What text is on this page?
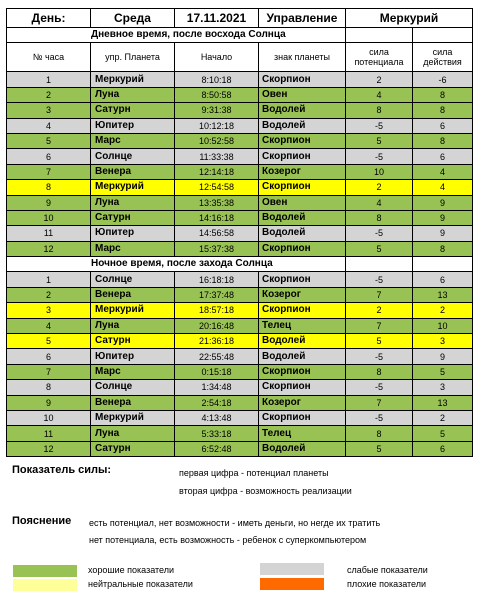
День:	Среда	17.11.2021	Управление	Меркурий	
Дневное время, после восхода Солнца					
№ часа	упр. Планета	Начало	знак планеты	сила потенциала	сила действия
1	Меркурий	8:10:18	Скорпион	2	-6
2	Луна	8:50:58	Овен	4	8
3	Сатурн	9:31:38	Водолей	8	8
4	Юпитер	10:12:18	Водолей	-5	6
5	Марс	10:52:58	Скорпион	5	8
6	Солнце	11:33:38	Скорпион	-5	6
7	Венера	12:14:18	Козерог	10	4
8	Меркурий	12:54:58	Скорпион	2	4
9	Луна	13:35:38	Овен	4	9
10	Сатурн	14:16:18	Водолей	8	9
11	Юпитер	14:56:58	Водолей	-5	9
12	Марс	15:37:38	Скорпион	5	8
Ночное время, после захода Солнца					
1	Солнце	16:18:18	Скорпион	-5	6
2	Венера	17:37:48	Козерог	7	13
3	Меркурий	18:57:18	Скорпион	2	2
4	Луна	20:16:48	Телец	7	10
5	Сатурн	21:36:18	Водолей	5	3
6	Юпитер	22:55:48	Водолей	-5	9
7	Марс	0:15:18	Скорпион	8	5
8	Солнце	1:34:48	Скорпион	-5	3
9	Венера	2:54:18	Козерог	7	13
10	Меркурий	4:13:48	Скорпион	-5	2
11	Луна	5:33:18	Телец	8	5
12	Сатурн	6:52:48	Водолей	5	6
Показатель силы:	первая цифра - потенциал планеты
вторая цифра - возможность реализации
Пояснение есть потенциал, нет возможности - иметь деньги, но негде их тратить
нет потенциала, есть возможность - ребенок с суперкомпьютером
хорошие показатели	слабые показатели
нейтральные показатели	плохие показатели
